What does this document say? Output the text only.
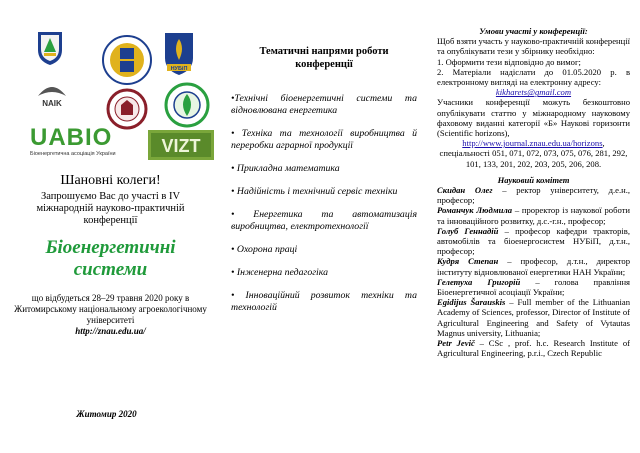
НУБіП
NAIK
UABIO
Біоенергетична асоціація України	VIZT
Шановні колеги!
Запрошуємо Вас до участі в IV міжнародній науково-практичній конференції
Біоенергетичні системи
що відбудеться 28–29 травня 2020 року в Житомирському національному агроекологічному університеті
http://znau.edu.ua/
Житомир 2020
Тематичні напрями роботи конференції
•Технічні біоенергетичні системи та відновлювана енергетика
• Техніка та технології виробництва й переробки аграрної продукції
• Прикладна математика
• Надійність і технічний сервіс техніки
• Енергетика та автоматизація виробництва, електротехнології
• Охорона праці
• Інженерна педагогіка
• Інноваційний розвиток техніки та технологій
Умови участі у конференції:

Щоб взяти участь у науково-практичній конференції та опублікувати тези у збірнику необхідно:

1. Оформити тези відповідно до вимог;

2. Матеріали надіслати до 01.05.2020 р. в електронному вигляді на електронну адресу:

kikharets@gmail.com

Учасники конференції можуть безкоштовно опублікувати статтю у міжнародному науковому фаховому виданні категорії «Б» Наукові горизонти (Scientific horizons),

http://www.journal.znau.edu.ua/horizons, спеціальності 051, 071, 072, 073, 075, 076, 281, 292, 101, 133, 201, 202, 203, 205, 206, 208.

Науковий комітет

Скидан Олег – ректор університету, д.е.н., професор;

Романчук Людмила – проректор із наукової роботи та інноваційного розвитку, д.с.-г.н., професор;

Голуб Геннадій – професор кафедри тракторів, автомобілів та біоенергосистем НУБіП, д.т.н., професор;

Кудря Степан – професор, д.т.н., директор інституту відновлюваної енергетики НАН України;

Гелетуха Григорій – голова правління Біоенергетичної асоціації України;

Egidijus Šarauskis – Full member of the Lithuanian Academy of Sciences, professor, Director of Institute of Agricultural Engineering and Safety of Vytautas Magnus university, Lithuania;

Petr Jevič – CSc , prof. h.c. Research Institute of Agricultural Engineering, p.r.i., Czech Republic
